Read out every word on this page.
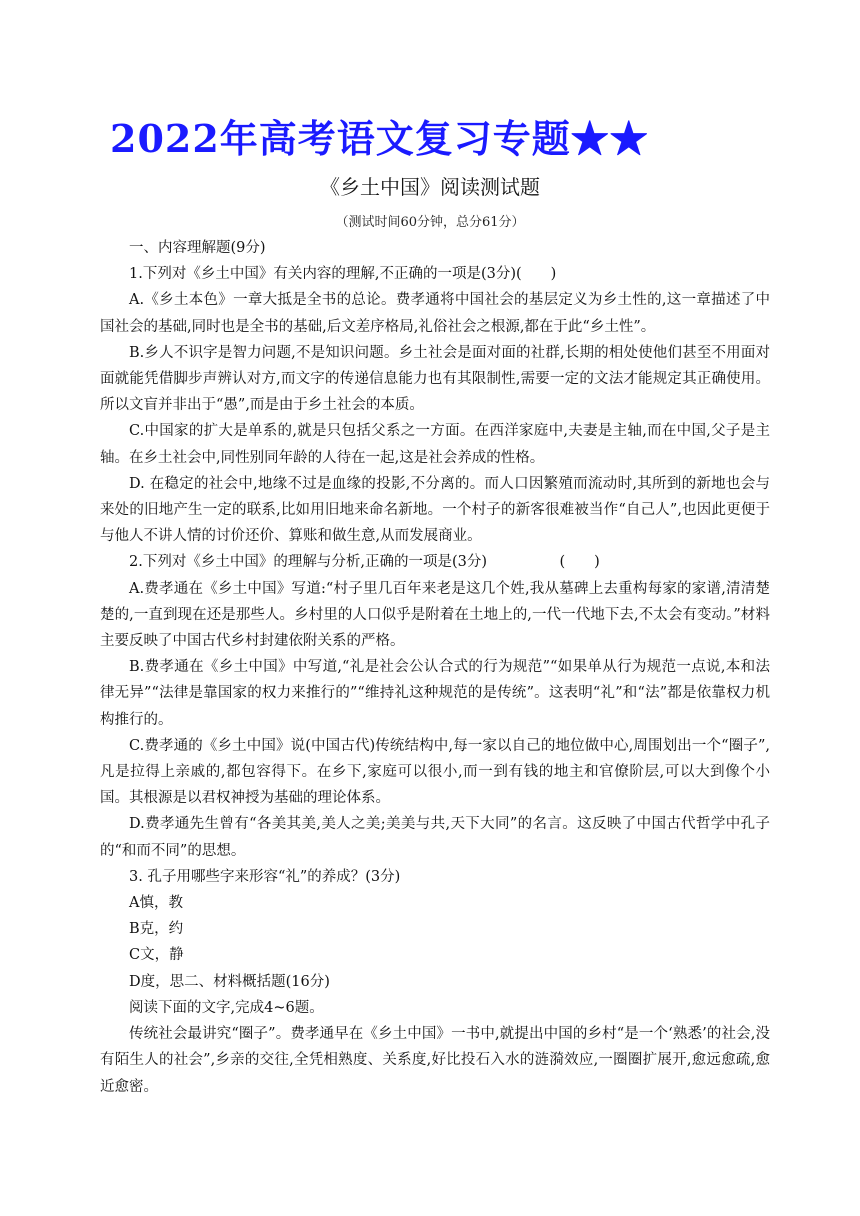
2022年高考语文复习专题★★
《乡土中国》阅读测试题
（测试时间60分钟，总分61分）

一、内容理解题(9分)

1.下列对《乡土中国》有关内容的理解,不正确的一项是(3分)(　　)

A.《乡土本色》一章大抵是全书的总论。费孝通将中国社会的基层定义为乡土性的,这一章描述了中国社会的基础,同时也是全书的基础,后文差序格局,礼俗社会之根源,都在于此“乡土性”。

B.乡人不识字是智力问题,不是知识问题。乡土社会是面对面的社群,长期的相处使他们甚至不用面对面就能凭借脚步声辨认对方,而文字的传递信息能力也有其限制性,需要一定的文法才能规定其正确使用。所以文盲并非出于“愚”,而是由于乡土社会的本质。

C.中国家的扩大是单系的,就是只包括父系之一方面。在西洋家庭中,夫妻是主轴,而在中国,父子是主轴。在乡土社会中,同性别同年龄的人待在一起,这是社会养成的性格。

D. 在稳定的社会中,地缘不过是血缘的投影,不分离的。而人口因繁殖而流动时,其所到的新地也会与来处的旧地产生一定的联系,比如用旧地来命名新地。一个村子的新客很难被当作“自己人”,也因此更便于与他人不讲人情的讨价还价、算账和做生意,从而发展商业。

2.下列对《乡土中国》的理解与分析,正确的一项是(3分)　　　　　(　　)

A.费孝通在《乡土中国》写道:“村子里几百年来老是这几个姓,我从墓碑上去重构每家的家谱,清清楚楚的,一直到现在还是那些人。乡村里的人口似乎是附着在土地上的,一代一代地下去,不太会有变动。”材料主要反映了中国古代乡村封建依附关系的严格。

B.费孝通在《乡土中国》中写道,“礼是社会公认合式的行为规范”“如果单从行为规范一点说,本和法律无异”“法律是靠国家的权力来推行的”“维持礼这种规范的是传统”。这表明“礼”和“法”都是依靠权力机构推行的。

C.费孝通的《乡土中国》说(中国古代)传统结构中,每一家以自己的地位做中心,周围划出一个“圈子”,凡是拉得上亲戚的,都包容得下。在乡下,家庭可以很小,而一到有钱的地主和官僚阶层,可以大到像个小国。其根源是以君权神授为基础的理论体系。

D.费孝通先生曾有“各美其美,美人之美;美美与共,天下大同”的名言。这反映了中国古代哲学中孔子的“和而不同”的思想。

3. 孔子用哪些字来形容“礼”的养成？(3分)

A慎，教

B克，约

C文，静

D度，思二、材料概括题(16分)

阅读下面的文字,完成4~6题。

传统社会最讲究“圈子”。费孝通早在《乡土中国》一书中,就提出中国的乡村“是一个‘熟悉’的社会,没有陌生人的社会”,乡亲的交往,全凭相熟度、关系度,好比投石入水的涟漪效应,一圈圈扩展开,愈远愈疏,愈近愈密。
